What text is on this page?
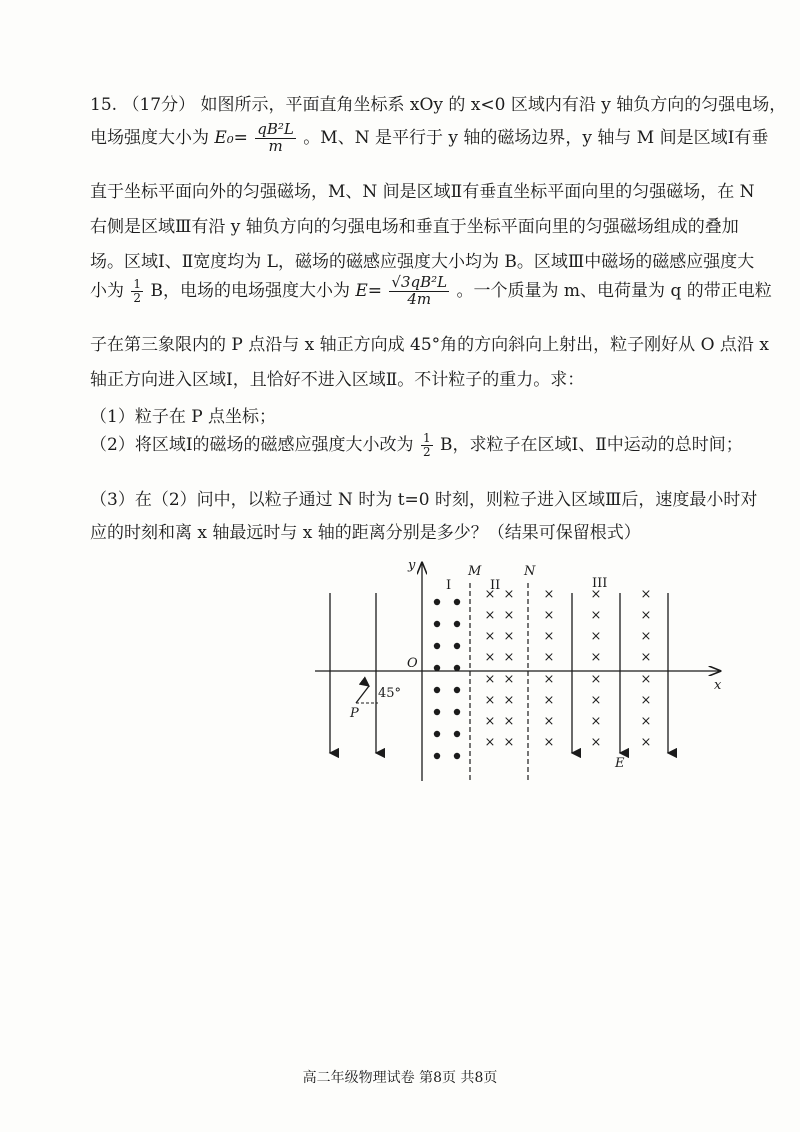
15. （17分） 如图所示，平面直角坐标系 xOy 的 x<0 区域内有沿 y 轴负方向的匀强电场，
电场强度大小为 $E_0= \frac{\text{qB²L}}{m}$ 。M、N 是平行于 y 轴的磁场边界，y 轴与 M 间是区域Ⅰ有垂
直于坐标平面向外的匀强磁场，M、N 间是区域Ⅱ有垂直坐标平面向里的匀强磁场，在 N
右侧是区域Ⅲ有沿 y 轴负方向的匀强电场和垂直于坐标平面向里的匀强磁场组成的叠加
场。区域Ⅰ、Ⅱ宽度均为 L，磁场的磁感应强度大小均为 B。区域Ⅲ中磁场的磁感应强度大
小为 $\frac{1}{2}$ B，电场的电场强度大小为 $E= \frac{\text{√3qB²L}}{4m}$ 。一个质量为 m、电荷量为 q 的带正电粒
子在第三象限内的 P 点沿与 x 轴正方向成 45°角的方向斜向上射出，粒子刚好从 O 点沿 x
轴正方向进入区域Ⅰ，且恰好不进入区域Ⅱ。不计粒子的重力。求：
（1）粒子在 P 点坐标；
（2）将区域Ⅰ的磁场的磁感应强度大小改为 $\frac{1}{2}$ B，求粒子在区域Ⅰ、Ⅱ中运动的总时间；
（3）在（2）问中，以粒子通过 N 时为 t=0 时刻，则粒子进入区域Ⅲ后，速度最小时对
应的时刻和离 x 轴最远时与 x 轴的距离分别是多少？（结果可保留根式）
y
x
O
M	N
I	II	III
×
×
×
×
×
×
×
×
×
×
×
×
×
×
×
×
×
×
×
×
×
×
×
×
×
×
×
×
×
×
×
×
×
×
×
×
×
×
×
×
E
P
45°
高二年级物理试卷 第8页 共8页
